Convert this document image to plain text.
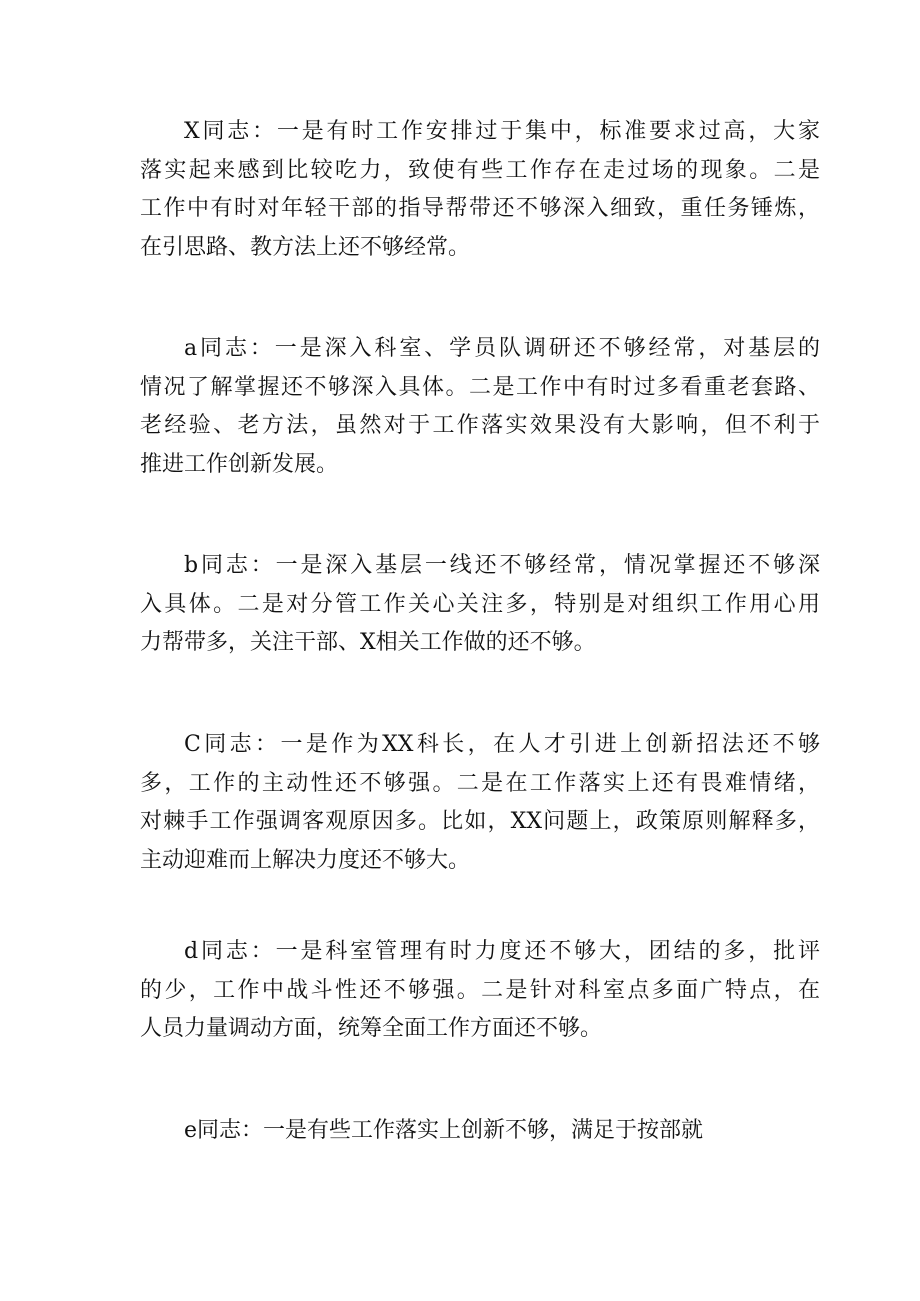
X同志：一是有时工作安排过于集中，标准要求过高，大家
落实起来感到比较吃力，致使有些工作存在走过场的现象。二是
工作中有时对年轻干部的指导帮带还不够深入细致，重任务锤炼，
在引思路、教方法上还不够经常。
a同志：一是深入科室、学员队调研还不够经常，对基层的
情况了解掌握还不够深入具体。二是工作中有时过多看重老套路、
老经验、老方法，虽然对于工作落实效果没有大影响，但不利于
推进工作创新发展。
b同志：一是深入基层一线还不够经常，情况掌握还不够深
入具体。二是对分管工作关心关注多，特别是对组织工作用心用
力帮带多，关注干部、X相关工作做的还不够。
C同志：一是作为XX科长，在人才引进上创新招法还不够
多，工作的主动性还不够强。二是在工作落实上还有畏难情绪，
对棘手工作强调客观原因多。比如，XX问题上，政策原则解释多，
主动迎难而上解决力度还不够大。
d同志：一是科室管理有时力度还不够大，团结的多，批评
的少，工作中战斗性还不够强。二是针对科室点多面广特点，在
人员力量调动方面，统筹全面工作方面还不够。
e同志：一是有些工作落实上创新不够，满足于按部就
